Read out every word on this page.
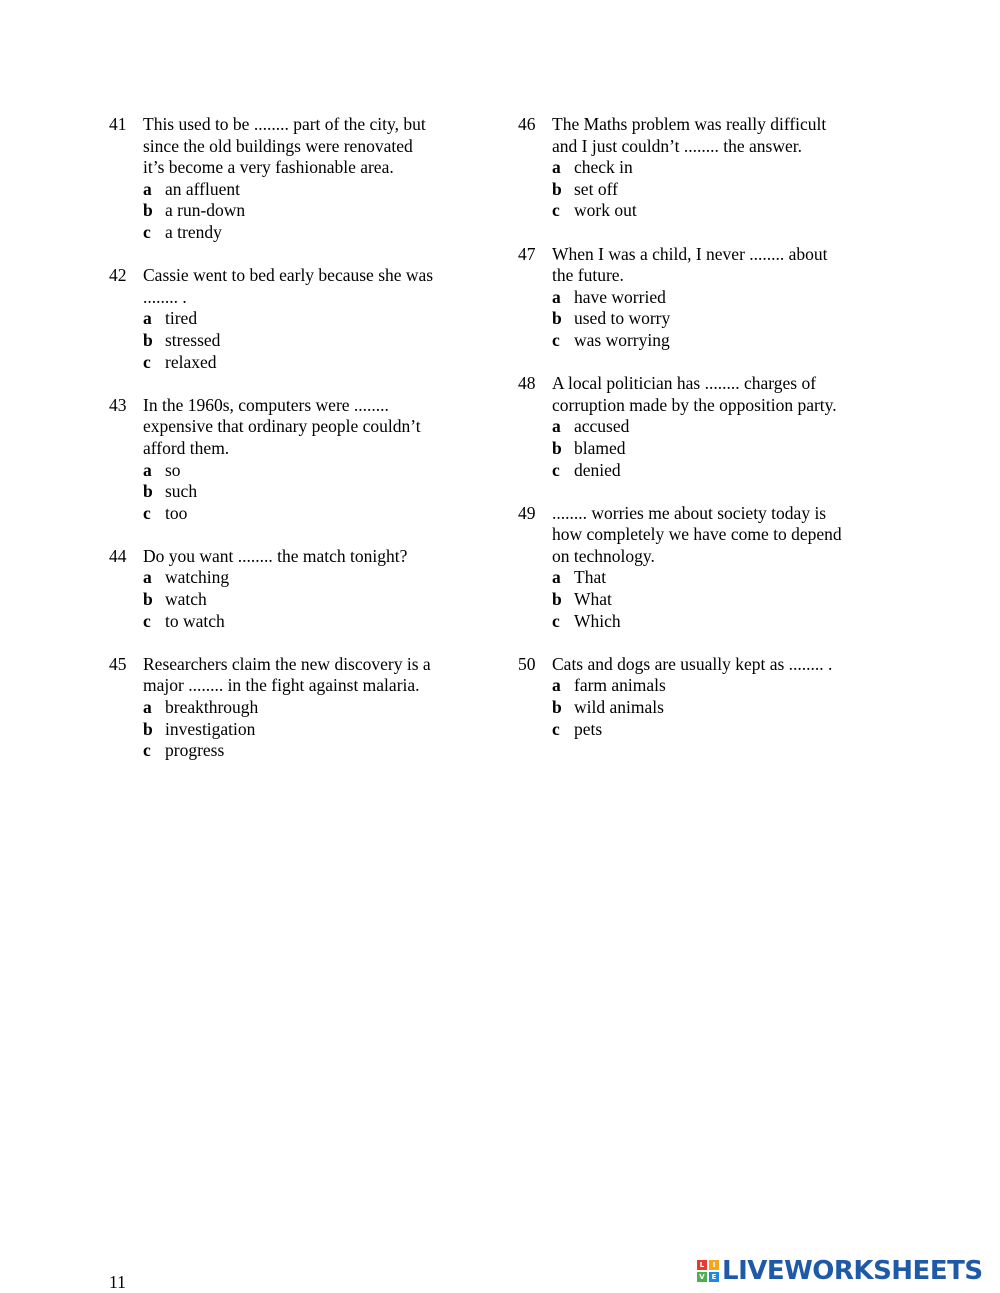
41 This used to be ........ part of the city, but
since the old buildings were renovated
it’s become a very fashionable area.
a an affluent
b a run-down
c a trendy
42 Cassie went to bed early because she was
........ .
a tired
b stressed
c relaxed
43 In the 1960s, computers were ........
expensive that ordinary people couldn’t
afford them.
a so
b such
c too
44 Do you want ........ the match tonight?
a watching
b watch
c to watch
45 Researchers claim the new discovery is a
major ........ in the fight against malaria.
a breakthrough
b investigation
c progress
46 The Maths problem was really difficult
and I just couldn’t ........ the answer.
a check in
b set off
c work out
47 When I was a child, I never ........ about
the future.
a have worried
b used to worry
c was worrying
48 A local politician has ........ charges of
corruption made by the opposition party.
a accused
b blamed
c denied
49 ........ worries me about society today is
how completely we have come to depend
on technology.
a That
b What
c Which
50 Cats and dogs are usually kept as ........ .
a farm animals
b wild animals
c pets
11
L	I
V E LIVEWORKSHEETS
